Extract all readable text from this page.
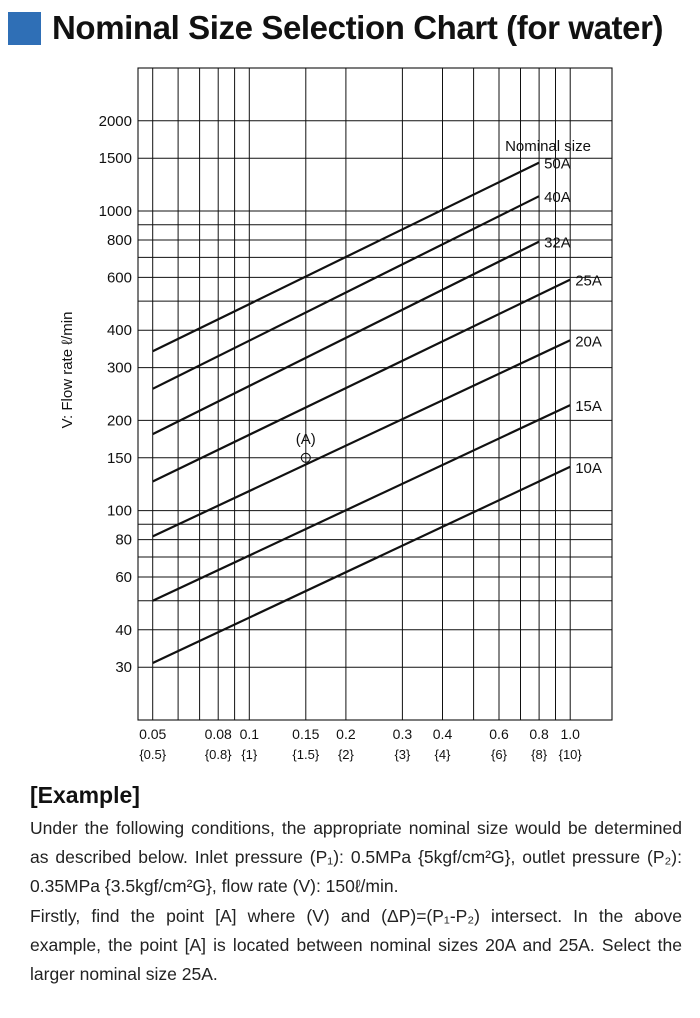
Nominal Size Selection Chart (for water)
30
40
60
80
100
150
200
300
400
600
800
1000
1500
2000
0.05
{0.5}
0.08
{0.8}
0.1
{1}
0.15
{1.5}
0.2
{2}
0.3
{3}
0.4
{4}
0.6
{6}
0.8
{8}
1.0
{10}
50A
40A
32A
25A
20A
15A
10A
(A)
V: Flow rate ℓ/min
Nominal size
[Example]

Under the following conditions, the appropriate nominal size would be determined as described below. Inlet pressure (P₁): 0.5MPa {5kgf/cm²G}, outlet pressure (P₂): 0.35MPa {3.5kgf/cm²G}, flow rate (V): 150ℓ/min.

Firstly, find the point [A] where (V) and (ΔP)=(P₁-P₂) intersect. In the above example, the point [A] is located between nominal sizes 20A and 25A. Select the larger nominal size 25A.
